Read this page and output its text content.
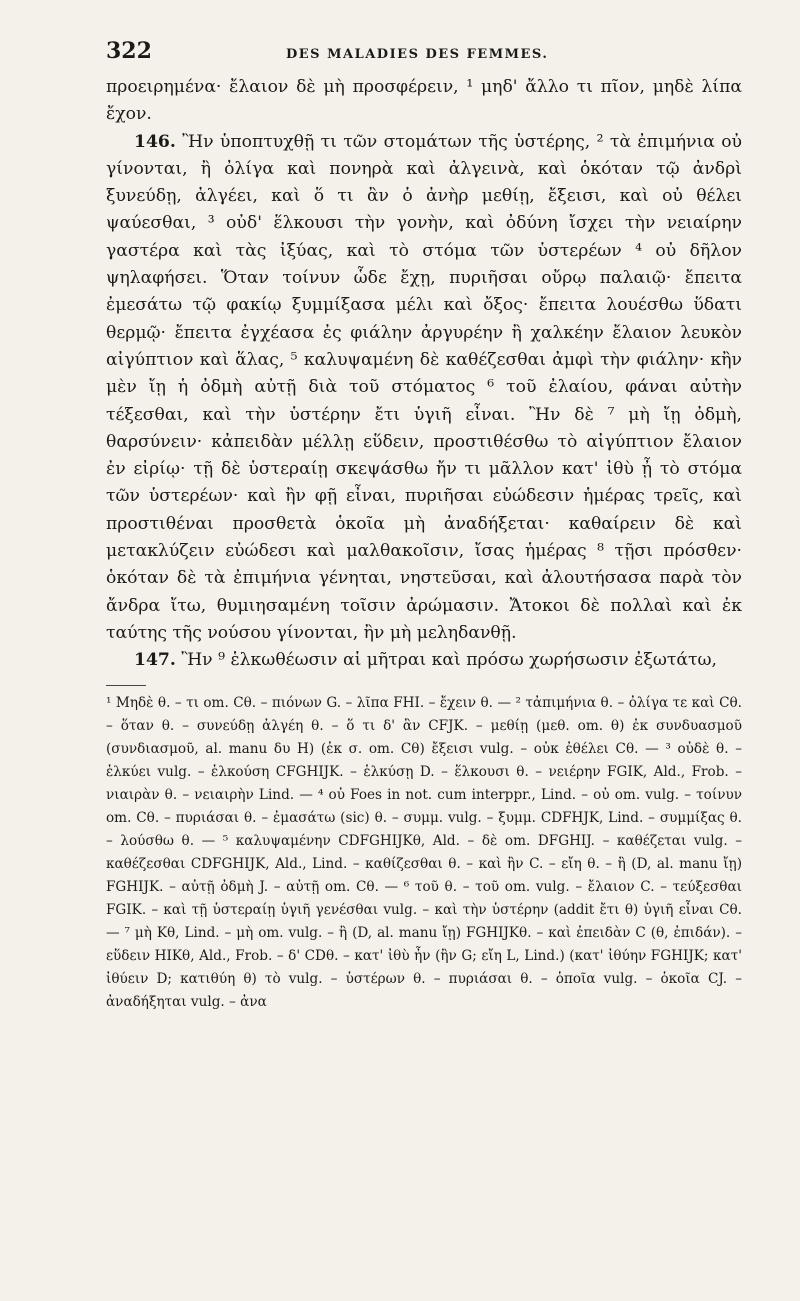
322	DES MALADIES DES FEMMES.

προειρημένα· ἔλαιον δὲ μὴ προσφέρειν, ¹ μηδ' ἄλλο τι πῖον, μηδὲ λίπα ἔχον.

146. Ἢν ὑποπτυχθῇ τι τῶν στομάτων τῆς ὑστέρης, ² τὰ ἐπιμήνια οὐ γίνονται, ἢ ὀλίγα καὶ πονηρὰ καὶ ἀλγεινὰ, καὶ ὁκόταν τῷ ἀνδρὶ ξυνεύδῃ, ἀλγέει, καὶ ὅ τι ἂν ὁ ἀνὴρ μεθίῃ, ἔξεισι, καὶ οὐ θέλει ψαύεσθαι, ³ οὐδ' ἕλκουσι τὴν γονὴν, καὶ ὀδύνη ἴσχει τὴν νειαίρην γαστέρα καὶ τὰς ἰξύας, καὶ τὸ στόμα τῶν ὑστερέων ⁴ οὐ δῆλον ψηλαφήσει. Ὅταν τοίνυν ὧδε ἔχῃ, πυριῆσαι οὔρῳ παλαιῷ· ἔπειτα ἐμεσάτω τῷ φακίῳ ξυμμίξασα μέλι καὶ ὄξος· ἔπειτα λουέσθω ὕδατι θερμῷ· ἔπειτα ἐγχέασα ἐς φιάλην ἀργυρέην ἢ χαλκέην ἔλαιον λευκὸν αἰγύπτιον καὶ ἅλας, ⁵ καλυψαμένη δὲ καθέζεσθαι ἀμφὶ τὴν φιάλην· κἢν μὲν ἴῃ ἡ ὀδμὴ αὐτῇ διὰ τοῦ στόματος ⁶ τοῦ ἐλαίου, φάναι αὐτὴν τέξεσθαι, καὶ τὴν ὑστέρην ἔτι ὑγιῆ εἶναι. Ἢν δὲ ⁷ μὴ ἴῃ ὀδμὴ, θαρσύνειν· κἀπειδὰν μέλλῃ εὕδειν, προστιθέσθω τὸ αἰγύπτιον ἔλαιον ἐν εἰρίῳ· τῇ δὲ ὑστεραίῃ σκεψάσθω ἤν τι μᾶλλον κατ' ἰθὺ ᾖ τὸ στόμα τῶν ὑστερέων· καὶ ἢν φῇ εἶναι, πυριῆσαι εὐώδεσιν ἡμέρας τρεῖς, καὶ προστιθέναι προσθετὰ ὁκοῖα μὴ ἀναδήξεται· καθαίρειν δὲ καὶ μετακλύζειν εὐώδεσι καὶ μαλθακοῖσιν, ἴσας ἡμέρας ⁸ τῇσι πρόσθεν· ὁκόταν δὲ τὰ ἐπιμήνια γένηται, νηστεῦσαι, καὶ ἀλουτήσασα παρὰ τὸν ἄνδρα ἴτω, θυμιησαμένη τοῖσιν ἀρώμασιν. Ἄτοκοι δὲ πολλαὶ καὶ ἐκ ταύτης τῆς νούσου γίνονται, ἢν μὴ μεληδανθῇ.

147. Ἢν ⁹ ἑλκωθέωσιν αἱ μῆτραι καὶ πρόσω χωρήσωσιν ἐξωτάτω,

¹ Μηδὲ θ. – τι om. Cθ. – πιόνων G. – λῖπα FHI. – ἔχειν θ. — ² τἀπιμήνια θ. – ὀλίγα τε καὶ Cθ. – ὅταν θ. – συνεύδῃ ἀλγέη θ. – ὅ τι δ' ἂν CFJK. – μεθίῃ (μεθ. om. θ) ἐκ συνδυασμοῦ (συνδιασμοῦ, al. manu δυ H) (ἐκ σ. om. Cθ) ἔξεισι vulg. – οὐκ ἐθέλει Cθ. — ³ οὐδὲ θ. – ἑλκύει vulg. – ἑλκούση CFGHIJK. – ἑλκύσῃ D. – ἕλκουσι θ. – νειέρην FGIK, Ald., Frob. – νιαιρὰν θ. – νειαιρὴν Lind. — ⁴ οὐ Foes in not. cum interppr., Lind. – οὐ om. vulg. – τοίνυν om. Cθ. – πυριάσαι θ. – ἐμασάτω (sic) θ. – συμμ. vulg. – ξυμμ. CDFHJK, Lind. – συμμίξας θ. – λούσθω θ. — ⁵ καλυψαμένην CDFGHIJKθ, Ald. – δὲ om. DFGHIJ. – καθέζεται vulg. – καθέζεσθαι CDFGHIJK, Ald., Lind. – καθίζεσθαι θ. – καὶ ἢν C. – εἴη θ. – ἢ (D, al. manu ἴῃ) FGHIJK. – αὐτῇ ὀδμὴ J. – αὐτῇ om. Cθ. — ⁶ τοῦ θ. – τοῦ om. vulg. – ἔλαιον C. – τεύξεσθαι FGIK. – καὶ τῇ ὑστεραίῃ ὑγιῆ γενέσθαι vulg. – καὶ τὴν ὑστέρην (addit ἔτι θ) ὑγιῆ εἶναι Cθ. — ⁷ μὴ Kθ, Lind. – μὴ om. vulg. – ἢ (D, al. manu ἴῃ) FGHIJKθ. – καὶ ἐπειδὰν C (θ, ἐπιδάν). – εὕδειν HIKθ, Ald., Frob. – δ' CDθ. – κατ' ἰθὺ ἦν (ἢν G; εἴη L, Lind.) (κατ' ἰθύην FGHIJK; κατ' ἰθύειν D; κατιθύη θ) τὸ vulg. – ὑστέρων θ. – πυριάσαι θ. – ὁποῖα vulg. – ὁκοῖα CJ. – ἀναδήξηται vulg. – ἀνα
